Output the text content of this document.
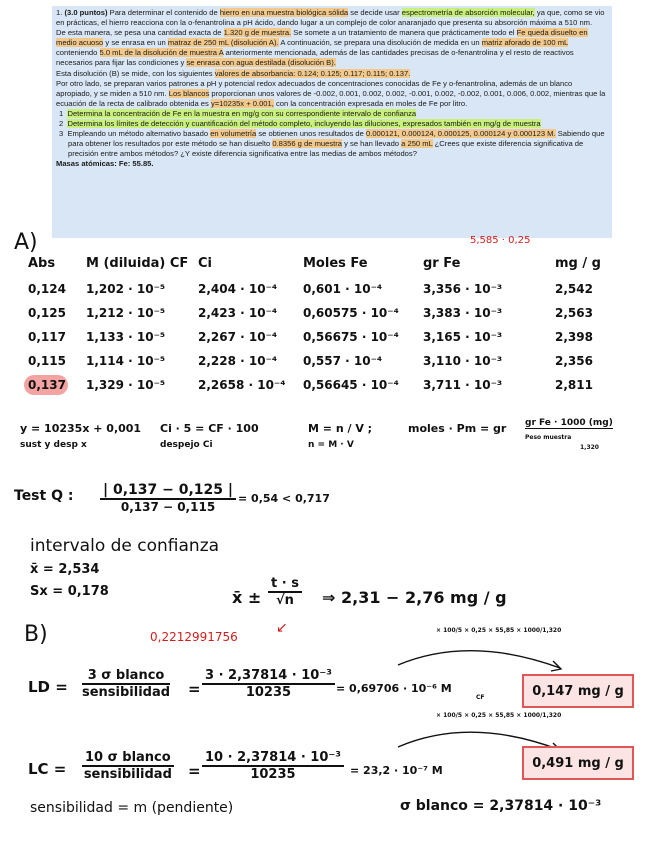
1. (3.0 puntos) Para determinar el contenido de hierro en una muestra biológica sólida se decide usar espectrometría de absorción molecular, ya que, como se vio en prácticas, el hierro reacciona con la o-fenantrolina a pH ácido, dando lugar a un complejo de color anaranjado que presenta su absorción máxima a 510 nm.

De esta manera, se pesa una cantidad exacta de 1.320 g de muestra. Se somete a un tratamiento de manera que prácticamente todo el Fe queda disuelto en medio acuoso y se enrasa en un matraz de 250 mL (disolución A). A continuación, se prepara una disolución de medida en un matriz aforado de 100 mL conteniendo 5.0 mL de la disolución de muestra A anteriormente mencionada, además de las cantidades precisas de o-fenantrolina y el resto de reactivos necesarios para fijar las condiciones y se enrasa con agua destilada (disolución B).

Esta disolución (B) se mide, con los siguientes valores de absorbancia: 0.124; 0.125; 0.117; 0.115; 0.137.

Por otro lado, se preparan varios patrones a pH y potencial redox adecuados de concentraciones conocidas de Fe y o-fenantrolina, además de un blanco apropiado, y se miden a 510 nm. Los blancos proporcionan unos valores de -0.002, 0.001, 0.002, 0.002, -0.001, 0.002, -0.002, 0.001, 0.006, 0.002, mientras que la ecuación de la recta de calibrado obtenida es y=10235x + 0.001, con la concentración expresada en moles de Fe por litro.

1 Determina la concentración de Fe en la muestra en mg/g con su correspondiente intervalo de confianza

2 Determina los límites de detección y cuantificación del método completo, incluyendo las diluciones, expresados también en mg/g de muestra

3 Empleando un método alternativo basado en volumetría se obtienen unos resultados de 0.000121, 0.000124, 0.000125, 0.000124 y 0.000123 M. Sabiendo que para obtener los resultados por este método se han disuelto 0.8356 g de muestra y se han llevado a 250 mL ¿Crees que existe diferencia significativa de precisión entre ambos métodos? ¿Y existe diferencia significativa entre las medias de ambos métodos?

Masas atómicas: Fe: 55.85.

5,585 · 0,25
A)
Abs M (diluida) CF Ci	Moles Fe	gr Fe	mg / g
0,124 1,202 · 10⁻⁵	2,404 · 10⁻⁴ 0,601 · 10⁻⁴	3,356 · 10⁻³	2,542
0,125 1,212 · 10⁻⁵	2,423 · 10⁻⁴ 0,60575 · 10⁻⁴ 3,383 · 10⁻³	2,563
0,117 1,133 · 10⁻⁵	2,267 · 10⁻⁴ 0,56675 · 10⁻⁴ 3,165 · 10⁻³	2,398
0,115 1,114 · 10⁻⁵	2,228 · 10⁻⁴ 0,557 · 10⁻⁴	3,110 · 10⁻³	2,356
0,137 1,329 · 10⁻⁵	2,2658 · 10⁻⁴ 0,56645 · 10⁻⁴ 3,711 · 10⁻³	2,811
y = 10235x + 0,001
sust y desp x
Ci · 5 = CF · 100
despejo Ci
M = n / V ;
n = M · V
moles · Pm = gr gr Fe · 1000 (mg)
Peso muestra
1,320
Test Q : $\frac{| 0,137 - 0,125 |}{0,137 - 0,115} = 0,54 < 0,717$
intervalo de confianza
x̄ = 2,534
Sx = 0,178	x̄ ± $\frac{t \cdot s}{√n}$ ⇒ 2,31 − 2,76 mg / g
B)	0,2212991756
↙	× 100/5 × 0,25 × 55,85 × 1000/1,320
LD =
3 σ blanco
sensibilidad = $\frac{\text{3 · 2,37814 · 10⁻³}}{10235} = 0,69706 \cdot 10^{-6}$ M
CF	0,147 mg / g
× 100/5 × 0,25 × 55,85 × 1000/1,320
LC =
10 σ blanco
sensibilidad = $\frac{\text{10 · 2,37814 · 10⁻³}}{10235} = 23,2 \cdot 10^{-7}$ M	0,491 mg / g
sensibilidad = m (pendiente)	σ blanco = 2,37814 · 10⁻³
